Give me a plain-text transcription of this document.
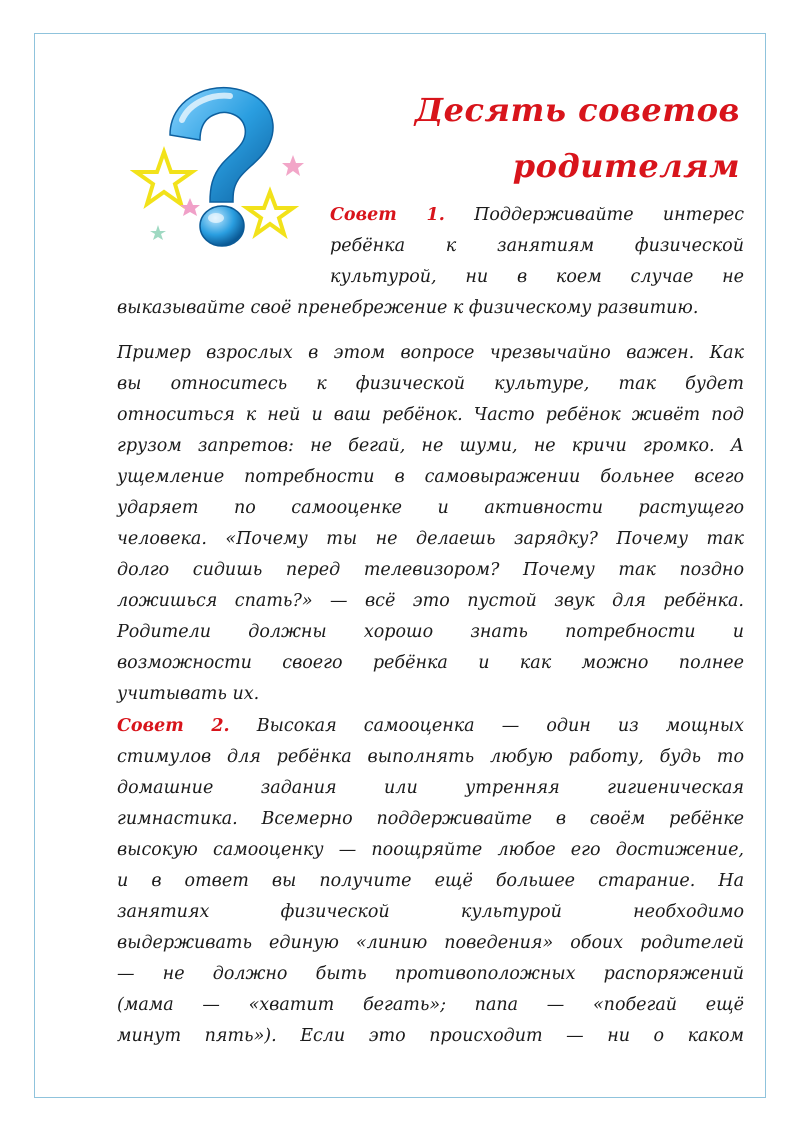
Десять советов
родителям
Совет 1. Поддерживайте интерес
ребёнка к занятиям физической
культурой, ни в коем случае не
выказывайте своё пренебрежение к физическому развитию.
Пример взрослых в этом вопросе чрезвычайно важен. Как
вы относитесь к физической культуре, так будет
относиться к ней и ваш ребёнок. Часто ребёнок живёт под
грузом запретов: не бегай, не шуми, не кричи громко. А
ущемление потребности в самовыражении больнее всего
ударяет по самооценке и активности растущего
человека. «Почему ты не делаешь зарядку? Почему так
долго сидишь перед телевизором? Почему так поздно
ложишься спать?» — всё это пустой звук для ребёнка.
Родители должны хорошо знать потребности и
возможности своего ребёнка и как можно полнее
учитывать их.
Совет 2. Высокая самооценка — один из мощных
стимулов для ребёнка выполнять любую работу, будь то
домашние задания или утренняя гигиеническая
гимнастика. Всемерно поддерживайте в своём ребёнке
высокую самооценку — поощряйте любое его достижение,
и в ответ вы получите ещё большее старание. На
занятиях физической культурой необходимо
выдерживать единую «линию поведения» обоих родителей
— не должно быть противоположных распоряжений
(мама — «хватит бегать»; папа — «побегай ещё
минут пять»). Если это происходит — ни о каком
